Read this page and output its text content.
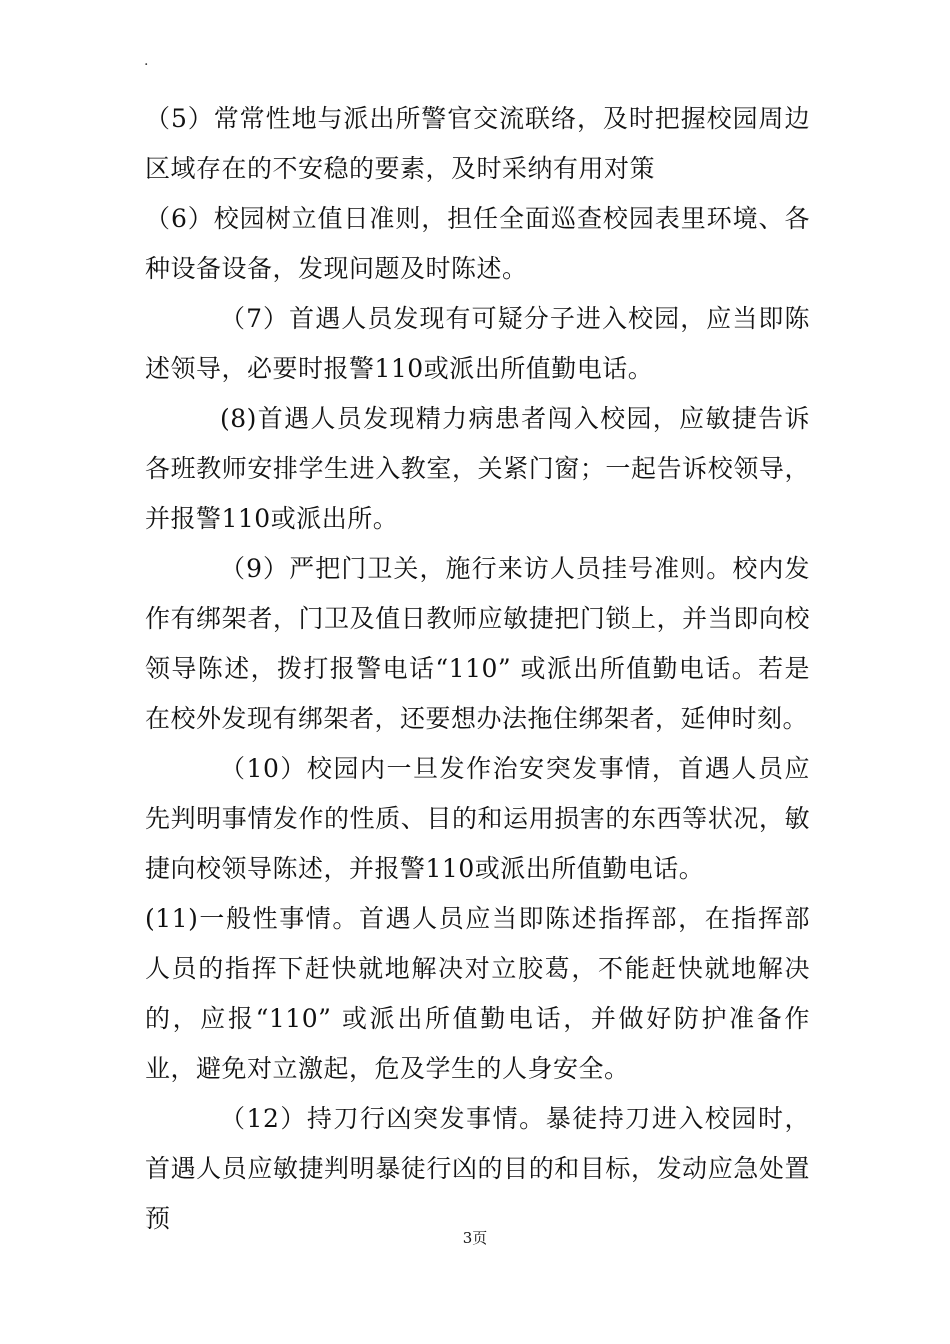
.

（5）常常性地与派出所警官交流联络，及时把握校园周边区域存在的不安稳的要素，及时采纳有用对策

（6）校园树立值日准则，担任全面巡查校园表里环境、各种设备设备，发现问题及时陈述。

（7）首遇人员发现有可疑分子进入校园，应当即陈述领导，必要时报警110或派出所值勤电话。

(8)首遇人员发现精力病患者闯入校园，应敏捷告诉各班教师安排学生进入教室，关紧门窗；一起告诉校领导，并报警110或派出所。

（9）严把门卫关，施行来访人员挂号准则。校内发作有绑架者，门卫及值日教师应敏捷把门锁上，并当即向校领导陈述，拨打报警电话“110” 或派出所值勤电话。若是在校外发现有绑架者，还要想办法拖住绑架者，延伸时刻。

（10）校园内一旦发作治安突发事情，首遇人员应先判明事情发作的性质、目的和运用损害的东西等状况，敏捷向校领导陈述，并报警110或派出所值勤电话。

(11)一般性事情。首遇人员应当即陈述指挥部，在指挥部人员的指挥下赶快就地解决对立胶葛，不能赶快就地解决的，应报“110” 或派出所值勤电话，并做好防护准备作业，避免对立激起，危及学生的人身安全。

（12）持刀行凶突发事情。暴徒持刀进入校园时，首遇人员应敏捷判明暴徒行凶的目的和目标，发动应急处置预

3页
